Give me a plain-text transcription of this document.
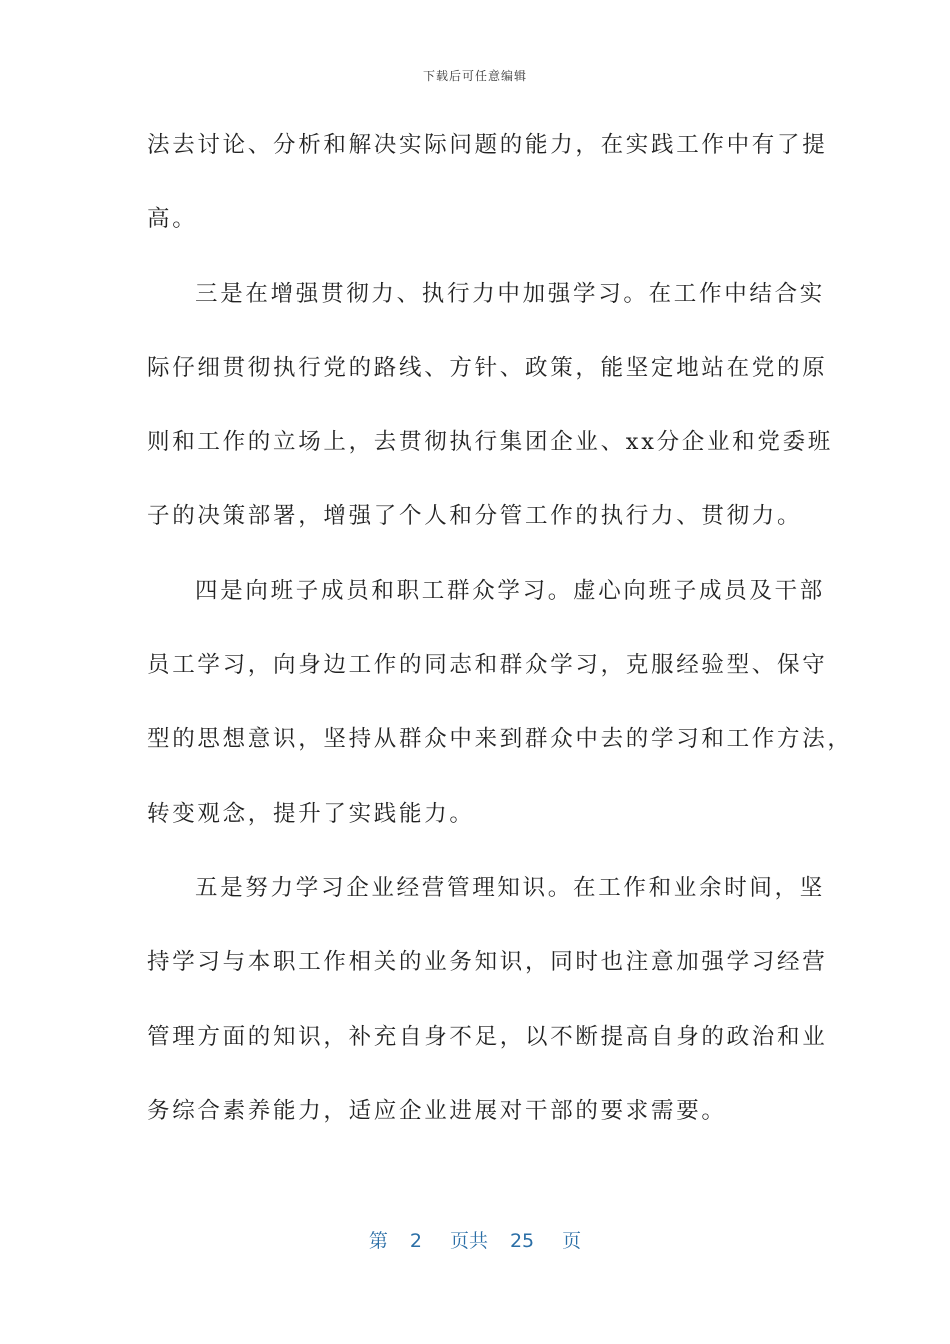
下载后可任意编辑
法去讨论、分析和解决实际问题的能力，在实践工作中有了提
高。
三是在增强贯彻力、执行力中加强学习。在工作中结合实
际仔细贯彻执行党的路线、方针、政策，能坚定地站在党的原
则和工作的立场上，去贯彻执行集团企业、xx分企业和党委班
子的决策部署，增强了个人和分管工作的执行力、贯彻力。
四是向班子成员和职工群众学习。虚心向班子成员及干部
员工学习，向身边工作的同志和群众学习，克服经验型、保守
型的思想意识，坚持从群众中来到群众中去的学习和工作方法，
转变观念，提升了实践能力。
五是努力学习企业经营管理知识。在工作和业余时间，坚
持学习与本职工作相关的业务知识，同时也注意加强学习经营
管理方面的知识，补充自身不足，以不断提高自身的政治和业
务综合素养能力，适应企业进展对干部的要求需要。
第 2 页共 25 页
